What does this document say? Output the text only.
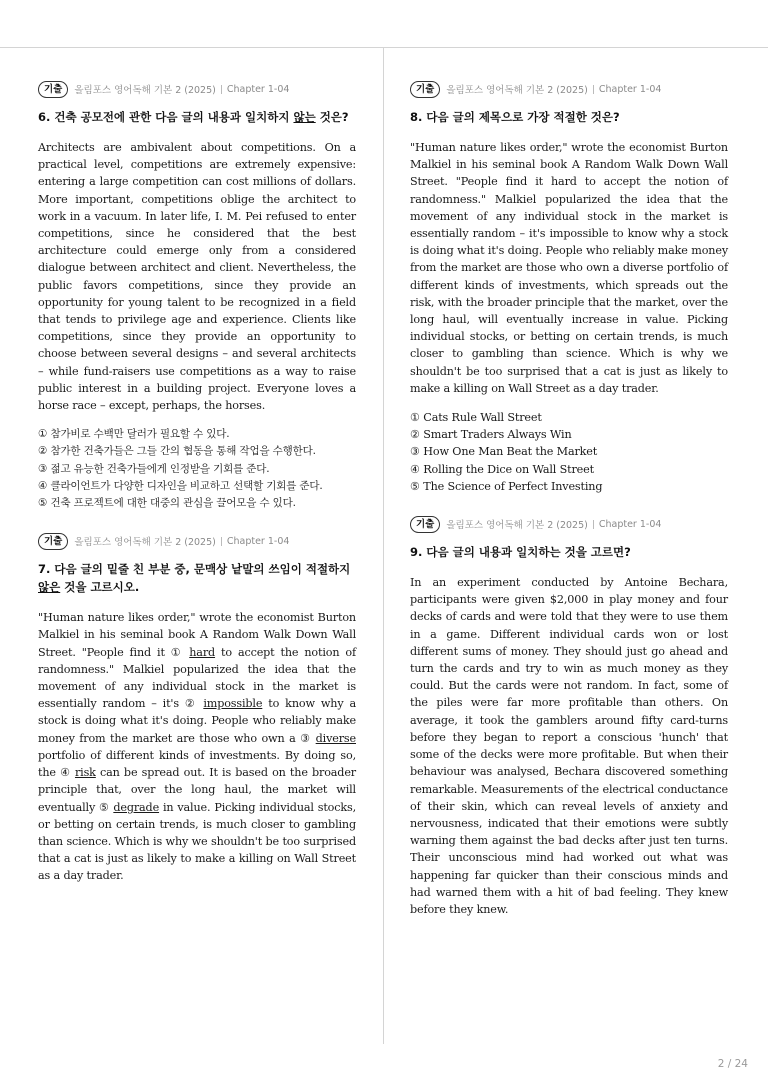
기출	올림포스 영어독해 기본 2 (2025) Chapter 1-04
6. 건축 공모전에 관한 다음 글의 내용과 일치하지 않는 것은?
Architects are ambivalent about competitions. On a practical level, competitions are extremely expensive: entering a large competition can cost millions of dollars. More important, competitions oblige the architect to work in a vacuum. In later life, I. M. Pei refused to enter competitions, since he considered that the best architecture could emerge only from a considered dialogue between architect and client. Nevertheless, the public favors competitions, since they provide an opportunity for young talent to be recognized in a field that tends to privilege age and experience. Clients like competitions, since they provide an opportunity to choose between several designs – and several architects – while fund-raisers use competitions as a way to raise public interest in a building project. Everyone loves a horse race – except, perhaps, the horses.
① 참가비로 수백만 달러가 필요할 수 있다.
② 참가한 건축가들은 그들 간의 협동을 통해 작업을 수행한다.
③ 젊고 유능한 건축가들에게 인정받을 기회를 준다.
④ 클라이언트가 다양한 디자인을 비교하고 선택할 기회를 준다.
⑤ 건축 프로젝트에 대한 대중의 관심을 끌어모을 수 있다.
기출	올림포스 영어독해 기본 2 (2025) Chapter 1-04
7. 다음 글의 밑줄 친 부분 중, 문맥상 낱말의 쓰임이 적절하지 않은 것을 고르시오.
"Human nature likes order," wrote the economist Burton Malkiel in his seminal book A Random Walk Down Wall Street. "People find it ① hard to accept the notion of randomness." Malkiel popularized the idea that the movement of any individual stock in the market is essentially random – it's ② impossible to know why a stock is doing what it's doing. People who reliably make money from the market are those who own a ③ diverse portfolio of different kinds of investments. By doing so, the ④ risk can be spread out. It is based on the broader principle that, over the long haul, the market will eventually ⑤ degrade in value. Picking individual stocks, or betting on certain trends, is much closer to gambling than science. Which is why we shouldn't be too surprised that a cat is just as likely to make a killing on Wall Street as a day trader.
기출	올림포스 영어독해 기본 2 (2025) Chapter 1-04
8. 다음 글의 제목으로 가장 적절한 것은?
"Human nature likes order," wrote the economist Burton Malkiel in his seminal book A Random Walk Down Wall Street. "People find it hard to accept the notion of randomness." Malkiel popularized the idea that the movement of any individual stock in the market is essentially random – it's impossible to know why a stock is doing what it's doing. People who reliably make money from the market are those who own a diverse portfolio of different kinds of investments, which spreads out the risk, with the broader principle that the market, over the long haul, will eventually increase in value. Picking individual stocks, or betting on certain trends, is much closer to gambling than science. Which is why we shouldn't be too surprised that a cat is just as likely to make a killing on Wall Street as a day trader.
① Cats Rule Wall Street
② Smart Traders Always Win
③ How One Man Beat the Market
④ Rolling the Dice on Wall Street
⑤ The Science of Perfect Investing
기출	올림포스 영어독해 기본 2 (2025) Chapter 1-04
9. 다음 글의 내용과 일치하는 것을 고르면?
In an experiment conducted by Antoine Bechara, participants were given $2,000 in play money and four decks of cards and were told that they were to use them in a game. Different individual cards won or lost different sums of money. They should just go ahead and turn the cards and try to win as much money as they could. But the cards were not random. In fact, some of the piles were far more profitable than others. On average, it took the gamblers around fifty card-turns before they began to report a conscious 'hunch' that some of the decks were more profitable. But when their behaviour was analysed, Bechara discovered something remarkable. Measurements of the electrical conductance of their skin, which can reveal levels of anxiety and nervousness, indicated that their emotions were subtly warning them against the bad decks after just ten turns. Their unconscious mind had worked out what was happening far quicker than their conscious minds and had warned them with a hit of bad feeling. They knew before they knew.
2 / 24
